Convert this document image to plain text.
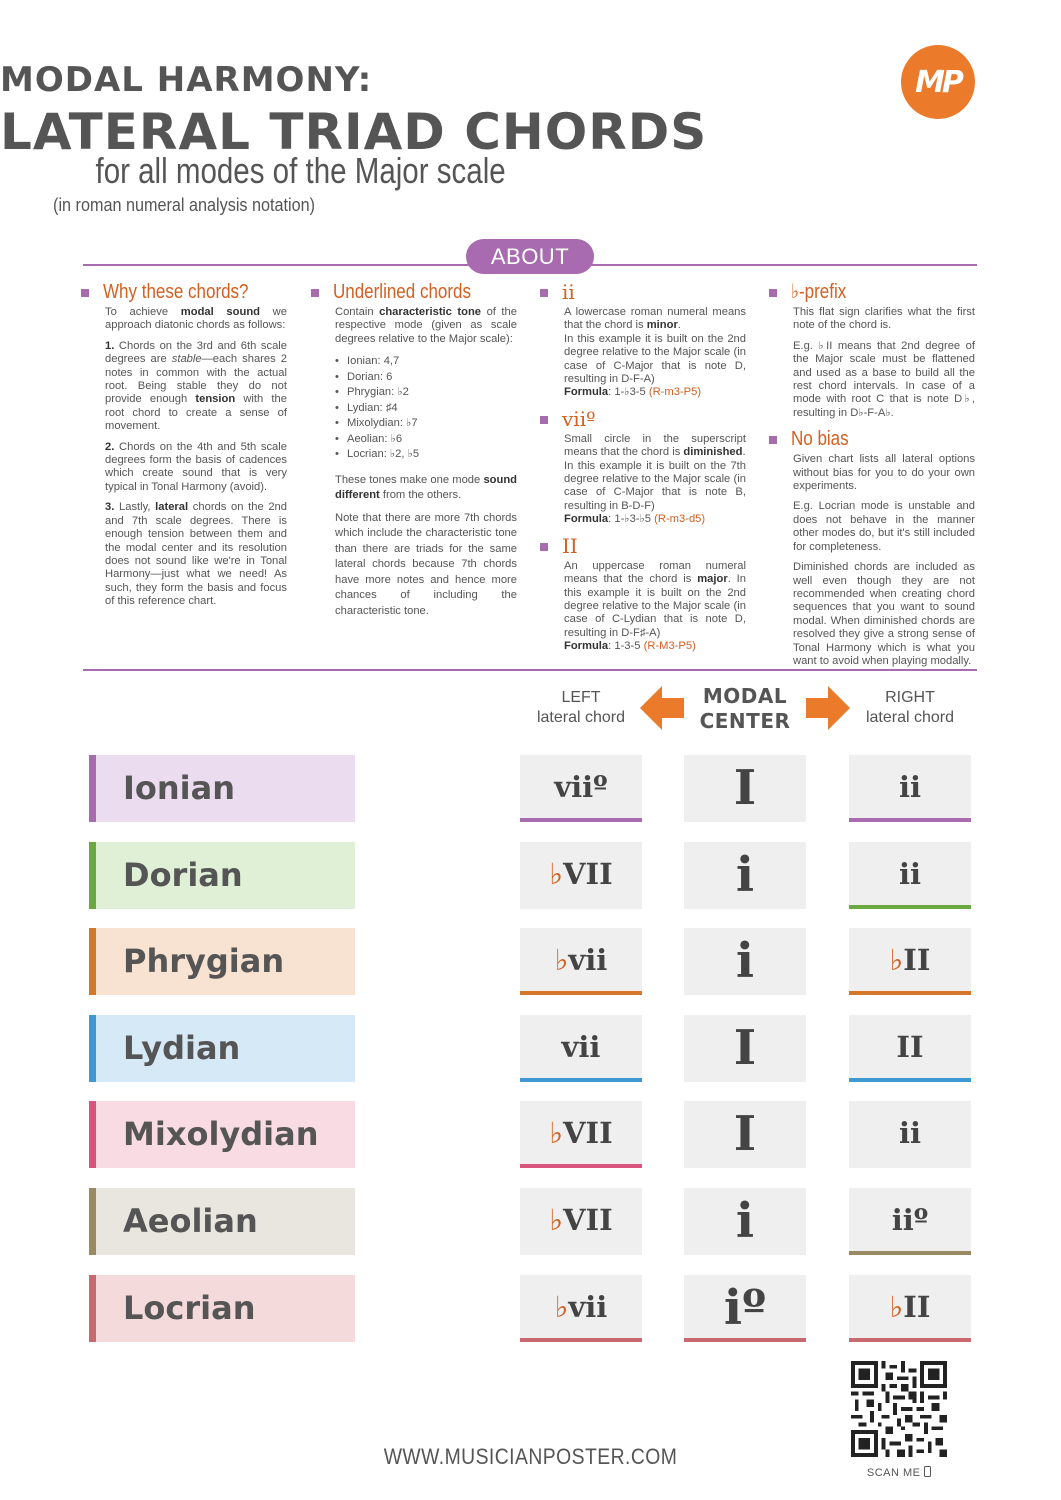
MODAL HARMONY:
LATERAL TRIAD CHORDS
for all modes of the Major scale
(in roman numeral analysis notation)
MP
ABOUT
Why these chords?

To achieve modal sound we approach diatonic chords as follows:

1. Chords on the 3rd and 6th scale degrees are stable—each shares 2 notes in common with the actual root. Being stable they do not provide enough tension with the root chord to create a sense of movement.

2. Chords on the 4th and 5th scale degrees form the basis of cadences which create sound that is very typical in Tonal Harmony (avoid).

3. Lastly, lateral chords on the 2nd and 7th scale degrees. There is enough tension between them and the modal center and its resolution does not sound like we're in Tonal Harmony—just what we need! As such, they form the basis and focus of this reference chart.

Underlined chords

Contain characteristic tone of the respective mode (given as scale degrees relative to the Major scale):

• Ionian: 4,7
• Dorian: 6
• Phrygian: ♭2
• Lydian: ♯4
• Mixolydian: ♭7
• Aeolian: ♭6
• Locrian: ♭2, ♭5

These tones make one mode sound different from the others.

Note that there are more 7th chords which include the characteristic tone than there are triads for the same lateral chords because 7th chords have more notes and hence more chances of including the characteristic tone.

ii

A lowercase roman numeral means that the chord is minor.
In this example it is built on the 2nd degree relative to the Major scale (in case of C-Major that is note D, resulting in D-F-A)
Formula: 1-♭3-5 (R-m3-P5)

viiº

Small circle in the superscript means that the chord is diminished.
In this example it is built on the 7th degree relative to the Major scale (in case of C-Major that is note B, resulting in B-D-F)
Formula: 1-♭3-♭5 (R-m3-d5)

II

An uppercase roman numeral means that the chord is major. In this example it is built on the 2nd degree relative to the Major scale (in case of C-Lydian that is note D, resulting in D-F♯-A)
Formula: 1-3-5 (R-M3-P5)

♭-prefix

This flat sign clarifies what the first note of the chord is.

E.g. ♭II means that 2nd degree of the Major scale must be flattened and used as a base to build all the rest chord intervals. In case of a mode with root C that is note D♭, resulting in D♭-F-A♭.

No bias

Given chart lists all lateral options without bias for you to do your own experiments.

E.g. Locrian mode is unstable and does not behave in the manner other modes do, but it's still included for completeness.

Diminished chords are included as well even though they are not recommended when creating chord sequences that you want to sound modal. When diminished chords are resolved they give a strong sense of Tonal Harmony which is what you want to avoid when playing modally.

LEFT
lateral chord
MODAL
CENTER
RIGHT
lateral chord
Ionian	viiº	I	ii
Dorian	♭VII	i	ii
Phrygian	♭vii	i	♭II
Lydian	vii	I	II
Mixolydian	♭VII	I	ii
Aeolian	♭VII	i	iiº
Locrian	♭vii	iº	♭II
WWW.MUSICIANPOSTER.COM
SCAN ME
